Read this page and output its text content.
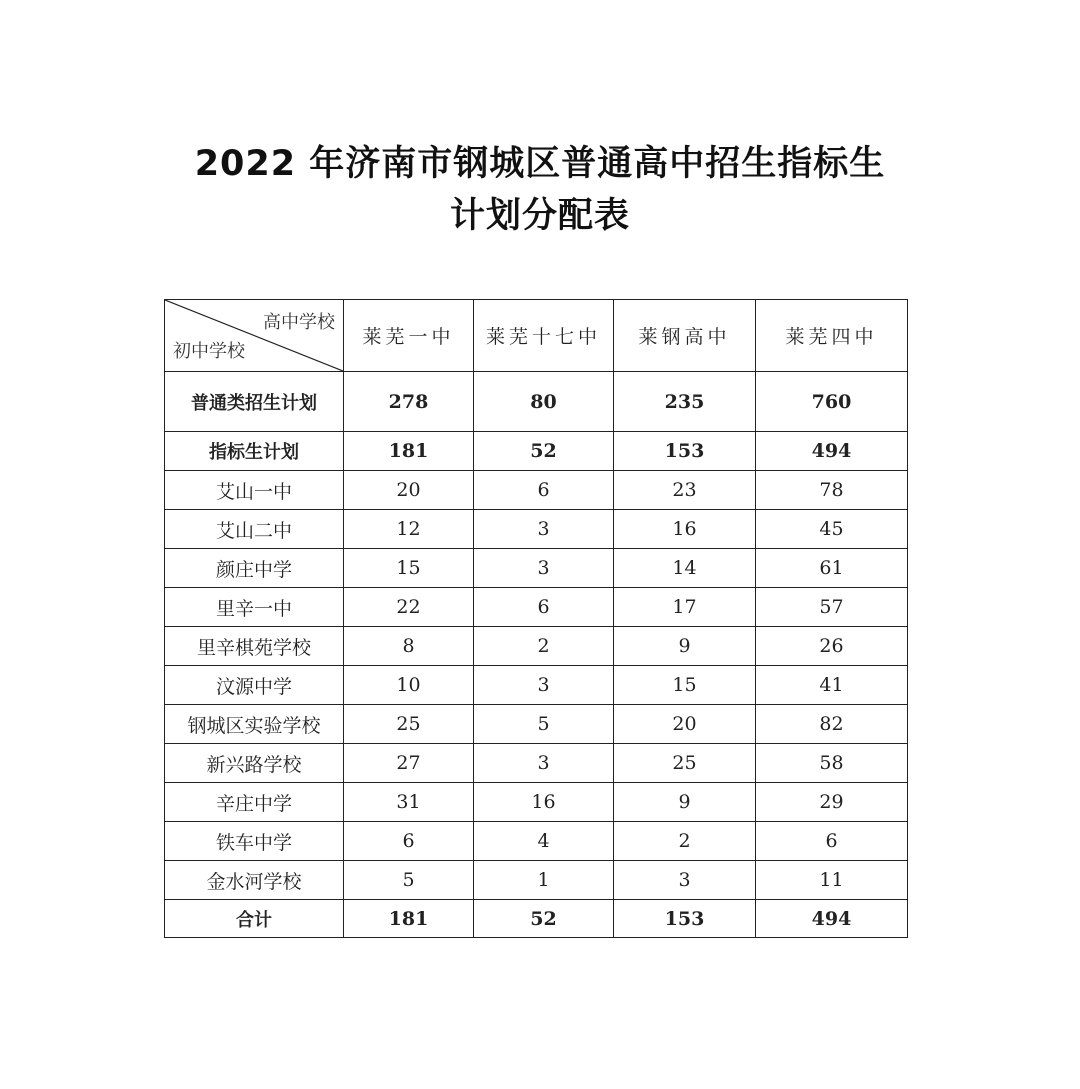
2022 年济南市钢城区普通高中招生指标生
计划分配表
高中学校
初中学校	莱芜一中	莱芜十七中	莱钢高中	莱芜四中
普通类招生计划	278	80	235	760
指标生计划	181	52	153	494
艾山一中	20	6	23	78
艾山二中	12	3	16	45
颜庄中学	15	3	14	61
里辛一中	22	6	17	57
里辛棋苑学校	8	2	9	26
汶源中学	10	3	15	41
钢城区实验学校	25	5	20	82
新兴路学校	27	3	25	58
辛庄中学	31	16	9	29
铁车中学	6	4	2	6
金水河学校	5	1	3	11
合计	181	52	153	494
